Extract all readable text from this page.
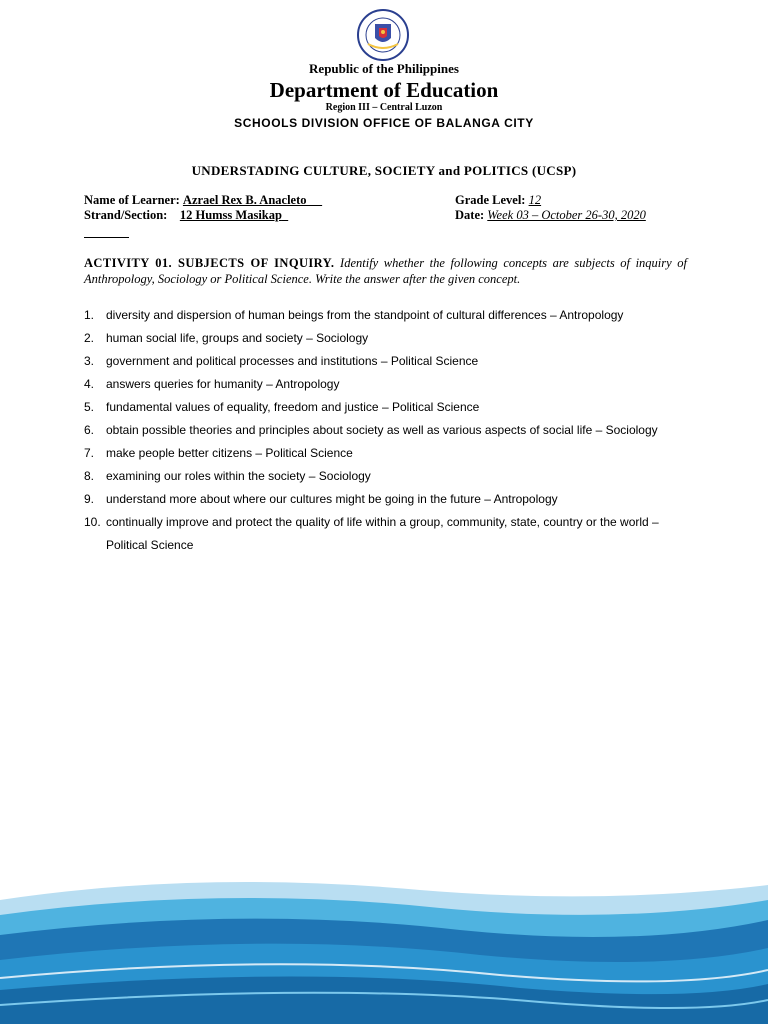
Republic of the Philippines
Department of Education
Region III – Central Luzon
SCHOOLS DIVISION OFFICE OF BALANGA CITY
UNDERSTADING CULTURE, SOCIETY and POLITICS (UCSP)
Name of Learner: Azrael Rex B. Anacleto
Strand/Section: 12 Humss Masikap
Grade Level: 12
Date: Week 03 – October 26-30, 2020
ACTIVITY 01. SUBJECTS OF INQUIRY. Identify whether the following concepts are subjects of inquiry of Anthropology, Sociology or Political Science. Write the answer after the given concept.
1. diversity and dispersion of human beings from the standpoint of cultural differences – Antropology
2. human social life, groups and society – Sociology
3. government and political processes and institutions – Political Science
4. answers queries for humanity – Antropology
5. fundamental values of equality, freedom and justice – Political Science
6. obtain possible theories and principles about society as well as various aspects of social life – Sociology
7. make people better citizens – Political Science
8. examining our roles within the society – Sociology
9. understand more about where our cultures might be going in the future – Antropology
10. continually improve and protect the quality of life within a group, community, state, country or the world – Political Science
